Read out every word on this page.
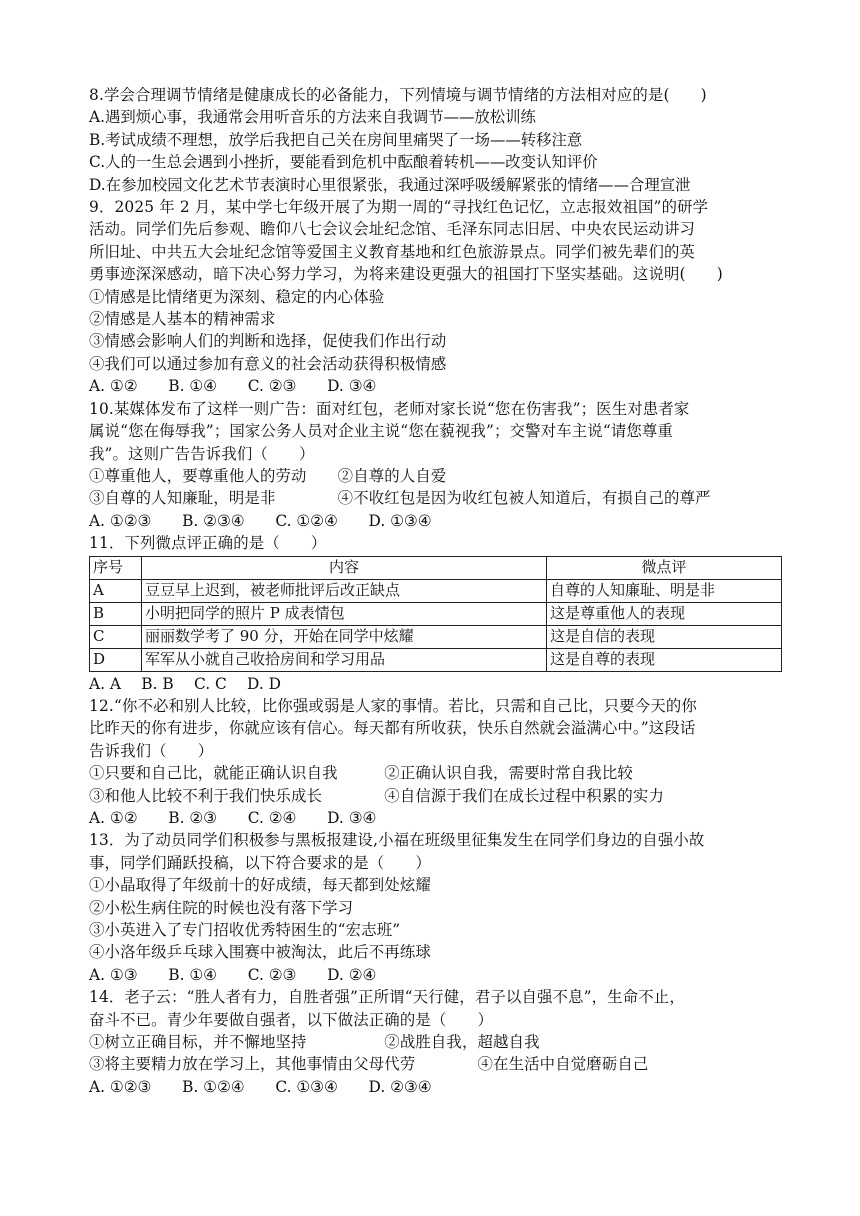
8.学会合理调节情绪是健康成长的必备能力，下列情境与调节情绪的方法相对应的是(　　)
A.遇到烦心事，我通常会用听音乐的方法来自我调节——放松训练
B.考试成绩不理想，放学后我把自己关在房间里痛哭了一场——转移注意
C.人的一生总会遇到小挫折，要能看到危机中酝酿着转机——改变认知评价
D.在参加校园文化艺术节表演时心里很紧张，我通过深呼吸缓解紧张的情绪——合理宣泄
9．2025 年 2 月，某中学七年级开展了为期一周的“寻找红色记忆，立志报效祖国”的研学
活动。同学们先后参观、瞻仰八七会议会址纪念馆、毛泽东同志旧居、中央农民运动讲习
所旧址、中共五大会址纪念馆等爱国主义教育基地和红色旅游景点。同学们被先辈们的英
勇事迹深深感动，暗下决心努力学习，为将来建设更强大的祖国打下坚实基础。这说明(　　)
①情感是比情绪更为深刻、稳定的内心体验
②情感是人基本的精神需求
③情感会影响人们的判断和选择，促使我们作出行动
④我们可以通过参加有意义的社会活动获得积极情感
A. ①②　　B. ①④　　C. ②③　　D. ③④
10.某媒体发布了这样一则广告：面对红包，老师对家长说“您在伤害我”；医生对患者家
属说“您在侮辱我”；国家公务人员对企业主说“您在藐视我”；交警对车主说“请您尊重
我”。这则广告告诉我们（　　）
①尊重他人，要尊重他人的劳动　　②自尊的人自爱
③自尊的人知廉耻，明是非　　　　④不收红包是因为收红包被人知道后，有损自己的尊严
A. ①②③　　B. ②③④　　C. ①②④　　D. ①③④
11．下列微点评正确的是（　　）
序号	内容	微点评
A	豆豆早上迟到，被老师批评后改正缺点	自尊的人知廉耻、明是非
B	小明把同学的照片 P 成表情包	这是尊重他人的表现
C	丽丽数学考了 90 分，开始在同学中炫耀	这是自信的表现
D	军军从小就自己收拾房间和学习用品	这是自尊的表现
A. A　 B. B　 C. C　 D. D
12.“你不必和别人比较，比你强或弱是人家的事情。若比，只需和自己比，只要今天的你
比昨天的你有进步，你就应该有信心。每天都有所收获，快乐自然就会溢满心中。”这段话
告诉我们（　　）
①只要和自己比，就能正确认识自我　　　②正确认识自我，需要时常自我比较
③和他人比较不利于我们快乐成长　　　　④自信源于我们在成长过程中积累的实力
A. ①②　　B. ②③　　C. ②④　　D. ③④
13．为了动员同学们积极参与黑板报建设,小福在班级里征集发生在同学们身边的自强小故
事，同学们踊跃投稿，以下符合要求的是（　　）
①小晶取得了年级前十的好成绩，每天都到处炫耀
②小松生病住院的时候也没有落下学习
③小英进入了专门招收优秀特困生的“宏志班”
④小洛年级乒乓球入围赛中被淘汰，此后不再练球
A. ①③　　B. ①④　　C. ②③　　D. ②④
14．老子云：“胜人者有力，自胜者强”正所谓“天行健，君子以自强不息”，生命不止，
奋斗不已。青少年要做自强者，以下做法正确的是（　　）
①树立正确目标，并不懈地坚持　　　　　②战胜自我，超越自我
③将主要精力放在学习上，其他事情由父母代劳　　　　④在生活中自觉磨砺自己
A. ①②③　　B. ①②④　　C. ①③④　　D. ②③④
